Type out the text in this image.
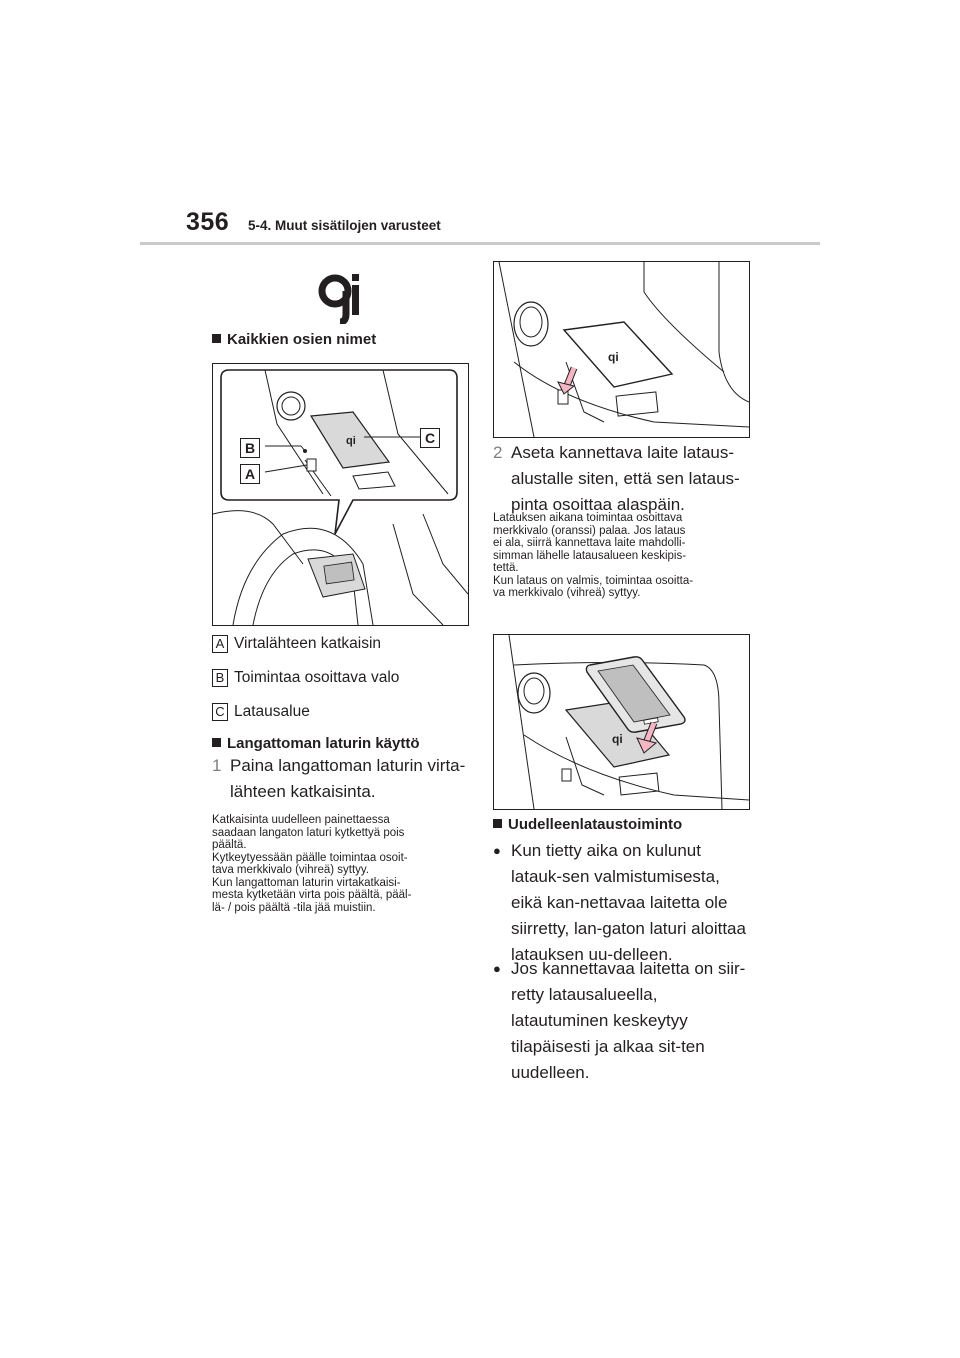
356 5-4. Muut sisätilojen varusteet
Kaikkien osien nimet
qi
B
A
C
A Virtalähteen katkaisin
B Toimintaa osoittava valo
C Latausalue
Langattoman laturin käyttö
1 Paina langattoman laturin virta-lähteen katkaisinta.
Katkaisinta uudelleen painettaessa
saadaan langaton laturi kytkettyä pois
päältä.
Kytkeytyessään päälle toimintaa osoit-
tava merkkivalo (vihreä) syttyy.
Kun langattoman laturin virtakatkaisi-
mesta kytketään virta pois päältä, pääl-
lä- / pois päältä -tila jää muistiin.
qi
2 Aseta kannettava laite lataus-alustalle siten, että sen lataus-pinta osoittaa alaspäin.
Latauksen aikana toimintaa osoittava
merkkivalo (oranssi) palaa. Jos lataus
ei ala, siirrä kannettava laite mahdolli-
simman lähelle latausalueen keskipis-
tettä.
Kun lataus on valmis, toimintaa osoitta-
va merkkivalo (vihreä) syttyy.
qi
Uudelleenlataustoiminto
● Kun tietty aika on kulunut latauk-sen valmistumisesta, eikä kan-nettavaa laitetta ole siirretty, lan-gaton laturi aloittaa latauksen uu-delleen.
● Jos kannettavaa laitetta on siir-retty latausalueella, latautuminen keskeytyy tilapäisesti ja alkaa sit-ten uudelleen.
